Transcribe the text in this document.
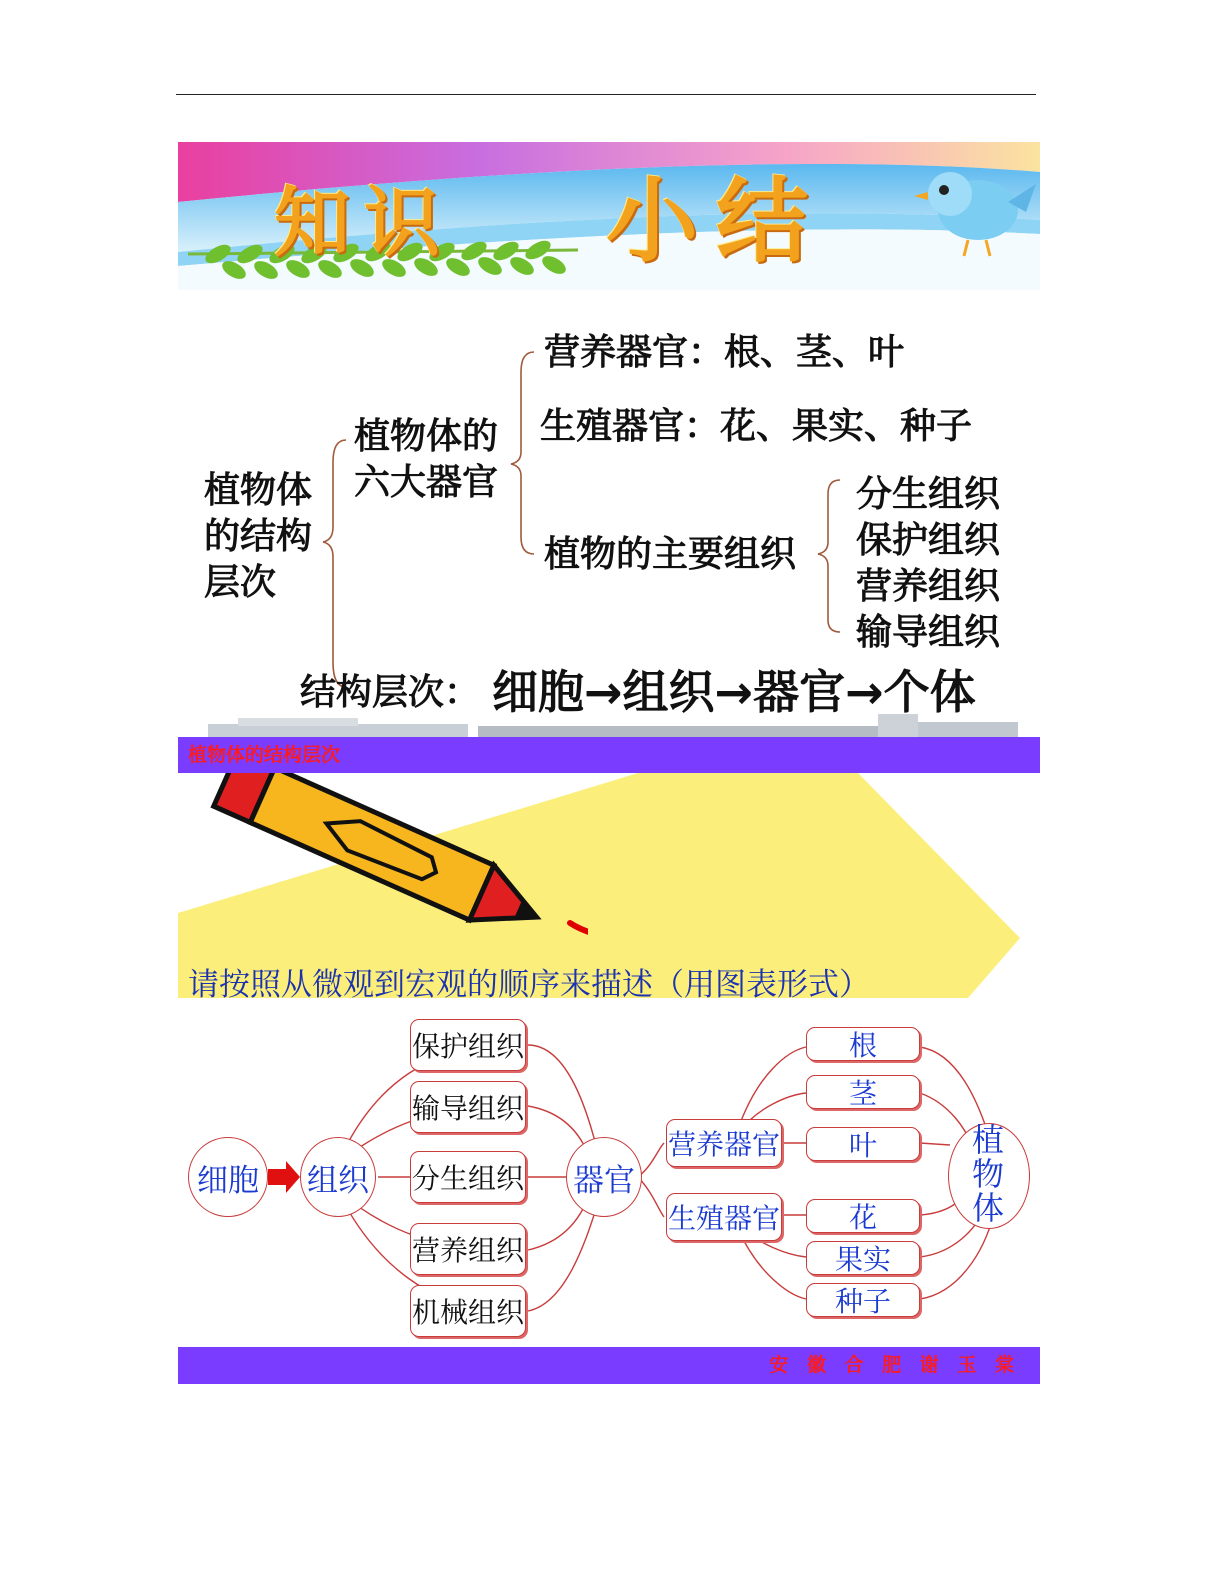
知识 小结
植物体
的结构
层次
植物体的
六大器官
营养器官：根、茎、叶
生殖器官：花、果实、种子
植物的主要组织
分生组织
保护组织
营养组织
输导组织
结构层次： 细胞→组织→器官→个体
植物体的结构层次
请按照从微观到宏观的顺序来描述（用图表形式）
细胞 组织	器官
保护组织
输导组织
分生组织
营养组织
机械组织
营养器官
生殖器官
根
茎
叶
花
果实
种子
植物体
安 徽 合 肥 谢 玉 棠
